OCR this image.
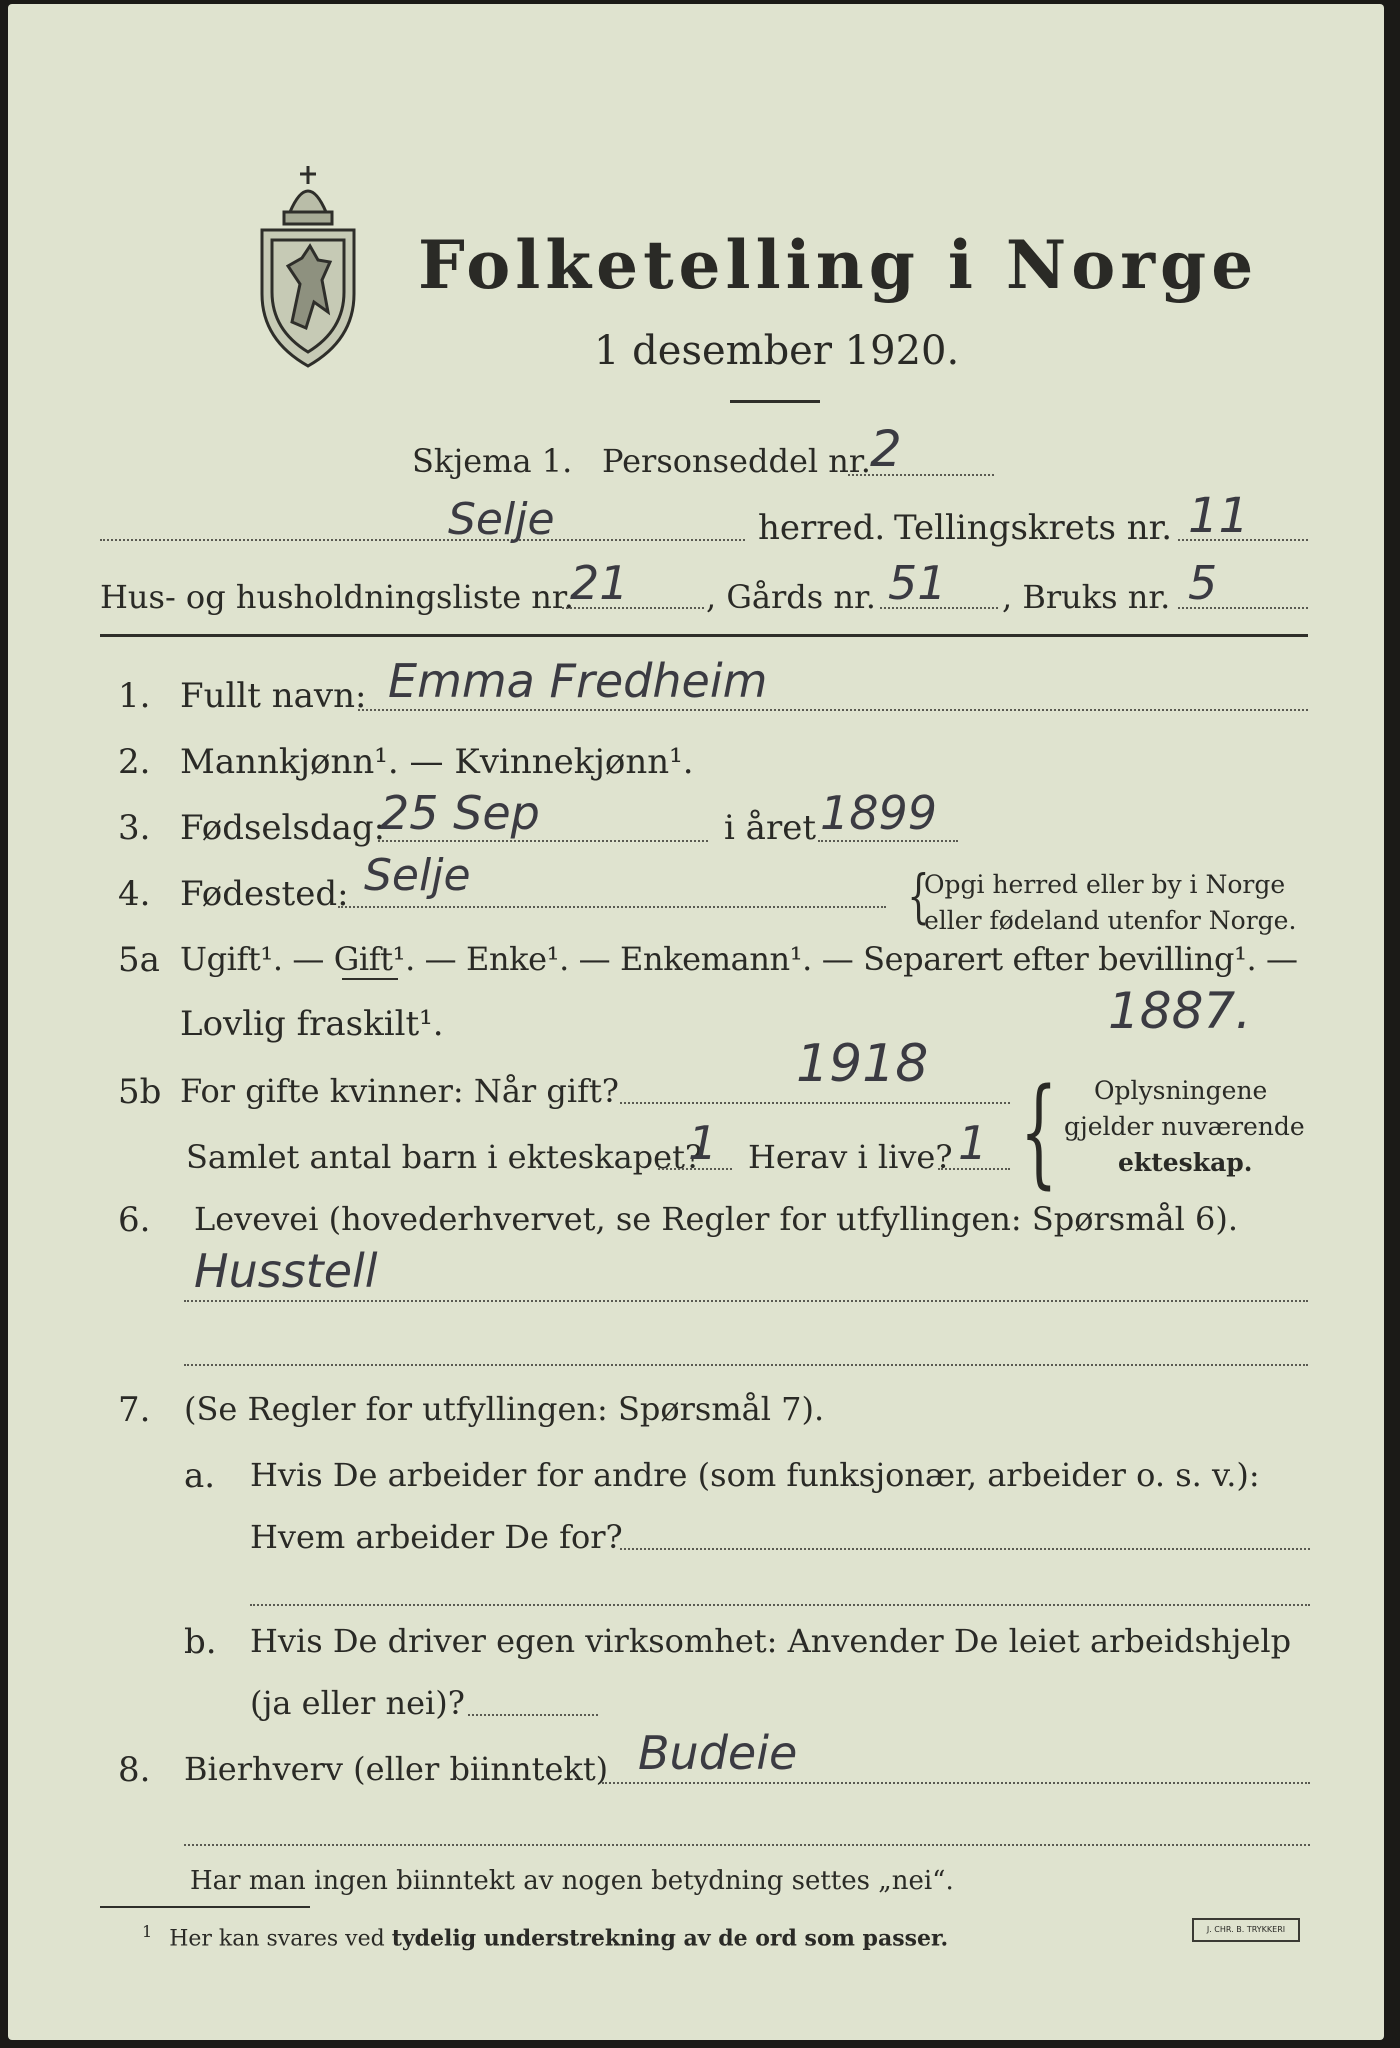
Folketelling i Norge
1 desember 1920.
Skjema 1. Personseddel nr. 2
Selje	herred. Tellingskrets nr. 11
Hus- og husholdningsliste nr.
21 , Gårds nr. 51 , Bruks nr. 5
1. Fullt navn: Emma Fredheim
2. Mannkjønn¹. — Kvinnekjønn¹.
3. Fødselsdag:
25 Sep	i året 1899
4. Fødested: Selje	{
Opgi herred eller by i Norge
eller fødeland utenfor Norge.
5a Ugift¹. — Gift¹. — Enke¹. — Enkemann¹. — Separert efter bevilling¹. —
Lovlig fraskilt¹.	1887.
5b For gifte kvinner: Når gift?	1918
Samlet antal barn i ekteskapet?
1 Herav i live? 1 { Oplysningene
gjelder nuværende
ekteskap.
6. Levevei (hovederhvervet, se Regler for utfyllingen: Spørsmål 6).
Husstell
7. (Se Regler for utfyllingen: Spørsmål 7).
a. Hvis De arbeider for andre (som funksjonær, arbeider o. s. v.):
Hvem arbeider De for?
b. Hvis De driver egen virksomhet: Anvender De leiet arbeidshjelp
(ja eller nei)?
8. Bierhverv (eller biinntekt) Budeie
Har man ingen biinntekt av nogen betydning settes „nei“.
$^1$ Her kan svares ved tydelig understrekning av de ord som passer.	J. CHR. B. TRYKKERI
